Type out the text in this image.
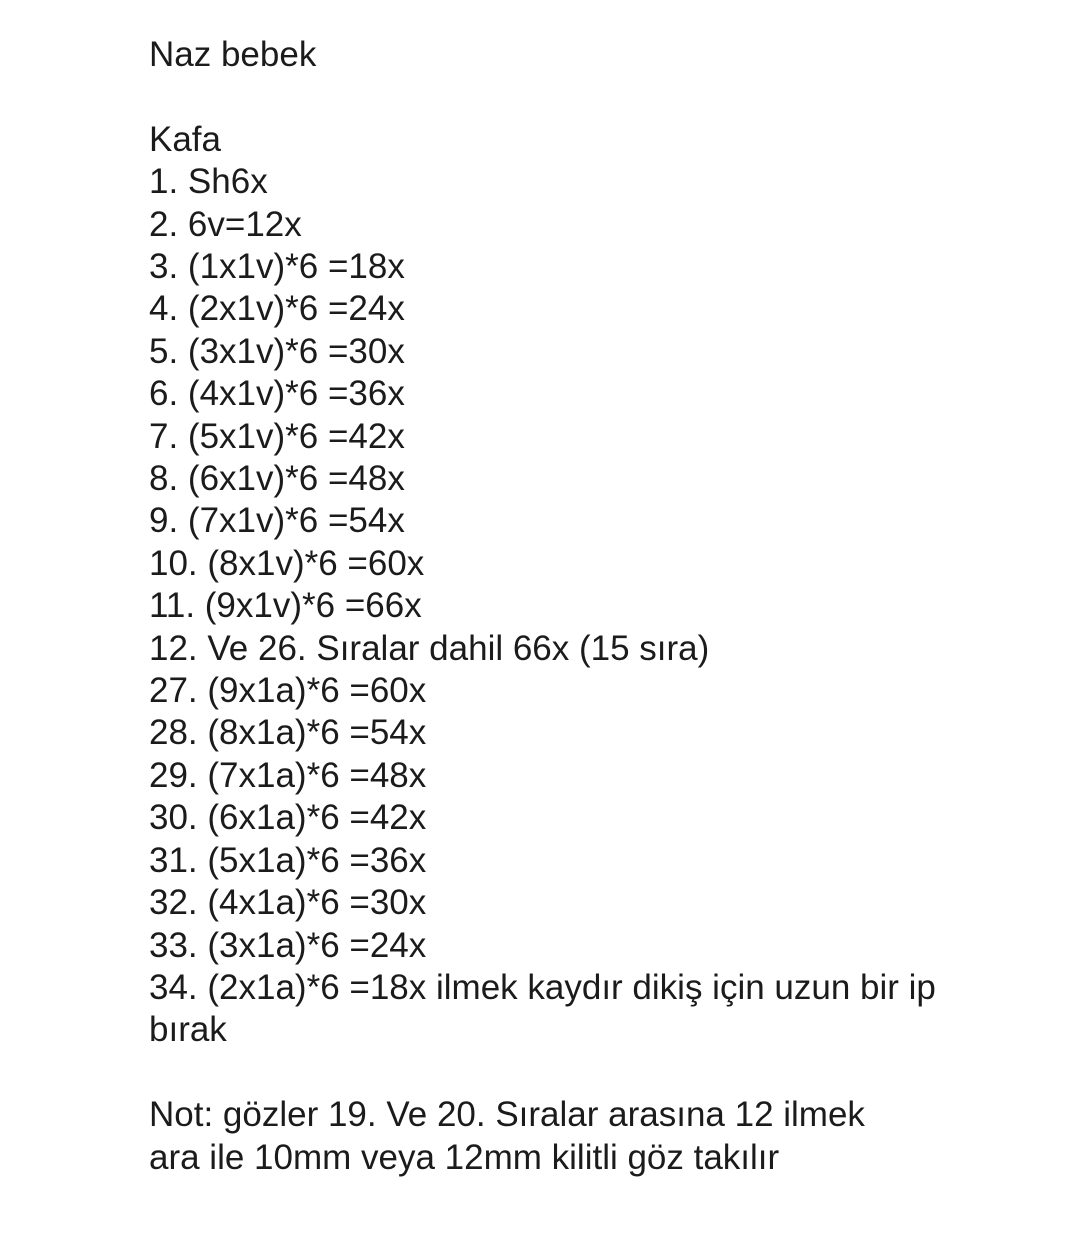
Naz bebek
Kafa
1. Sh6x
2. 6v=12x
3. (1x1v)*6 =18x
4. (2x1v)*6 =24x
5. (3x1v)*6 =30x
6. (4x1v)*6 =36x
7. (5x1v)*6 =42x
8. (6x1v)*6 =48x
9. (7x1v)*6 =54x
10. (8x1v)*6 =60x
11. (9x1v)*6 =66x
12. Ve 26. Sıralar dahil 66x (15 sıra)
27. (9x1a)*6 =60x
28. (8x1a)*6 =54x
29. (7x1a)*6 =48x
30. (6x1a)*6 =42x
31. (5x1a)*6 =36x
32. (4x1a)*6 =30x
33. (3x1a)*6 =24x
34. (2x1a)*6 =18x ilmek kaydır dikiş için uzun bir ip bırak
Not: gözler 19. Ve 20. Sıralar arasına 12 ilmek ara ile 10mm veya 12mm kilitli göz takılır
